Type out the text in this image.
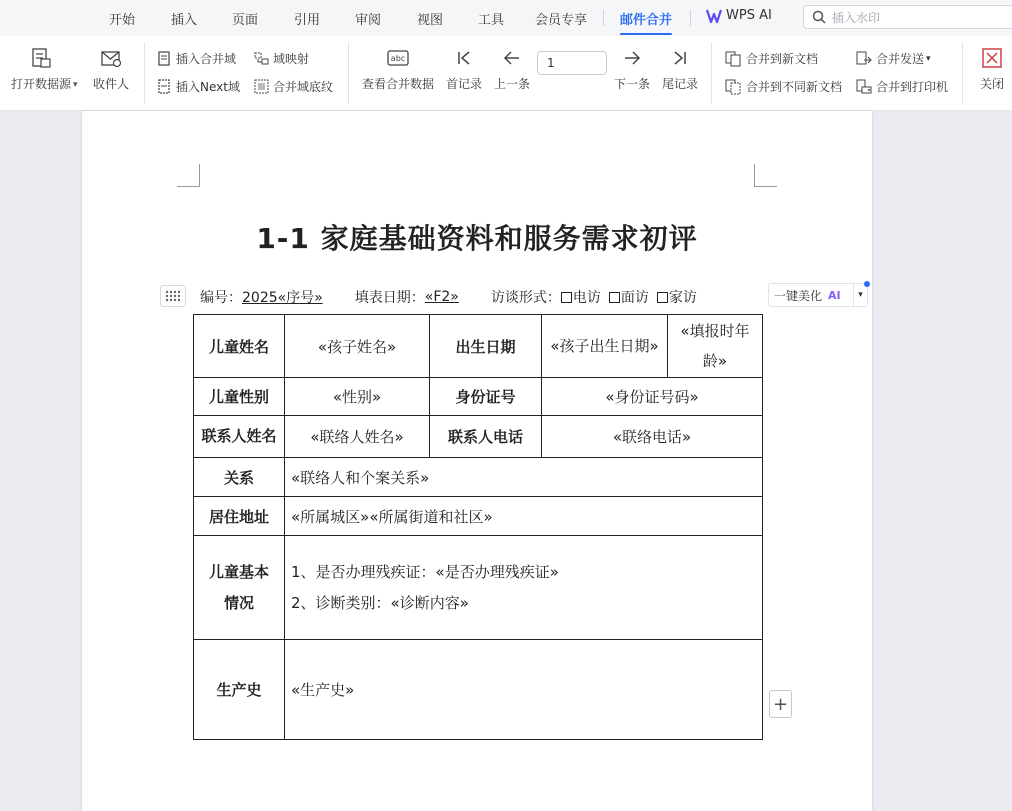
开始	插入	页面	引用	审阅	视图	工具 会员专享	邮件合并	WPS AI	插入水印
打开数据源 ▾ 收件人
插入合并域	域映射
插入Next域	合并域底纹
abc
查看合并数据 首记录 上一条
1
下一条 尾记录
合并到新文档	合并发送 ▾
合并到不同新文档	合并到打印机	关闭
1-1 家庭基础资料和服务需求初评
编号： 2025«序号» 填表日期： «F2» 访谈形式： 电访 面访 家访	一键美化 AI	▾
儿童姓名	«孩子姓名»	出生日期	«孩子出生日期»	«填报时年龄»
儿童性别	«性别»	身份证号	«身份证号码»	
联系人姓名	«联络人姓名»	联系人电话	«联络电话»	
关系	«联络人和个案关系»			
居住地址	«所属城区»«所属街道和社区»			
儿童基本情况	1、是否办理残疾证：«是否办理残疾证»
2、诊断类别：«诊断内容»			

生产史	«生产史»			
+
